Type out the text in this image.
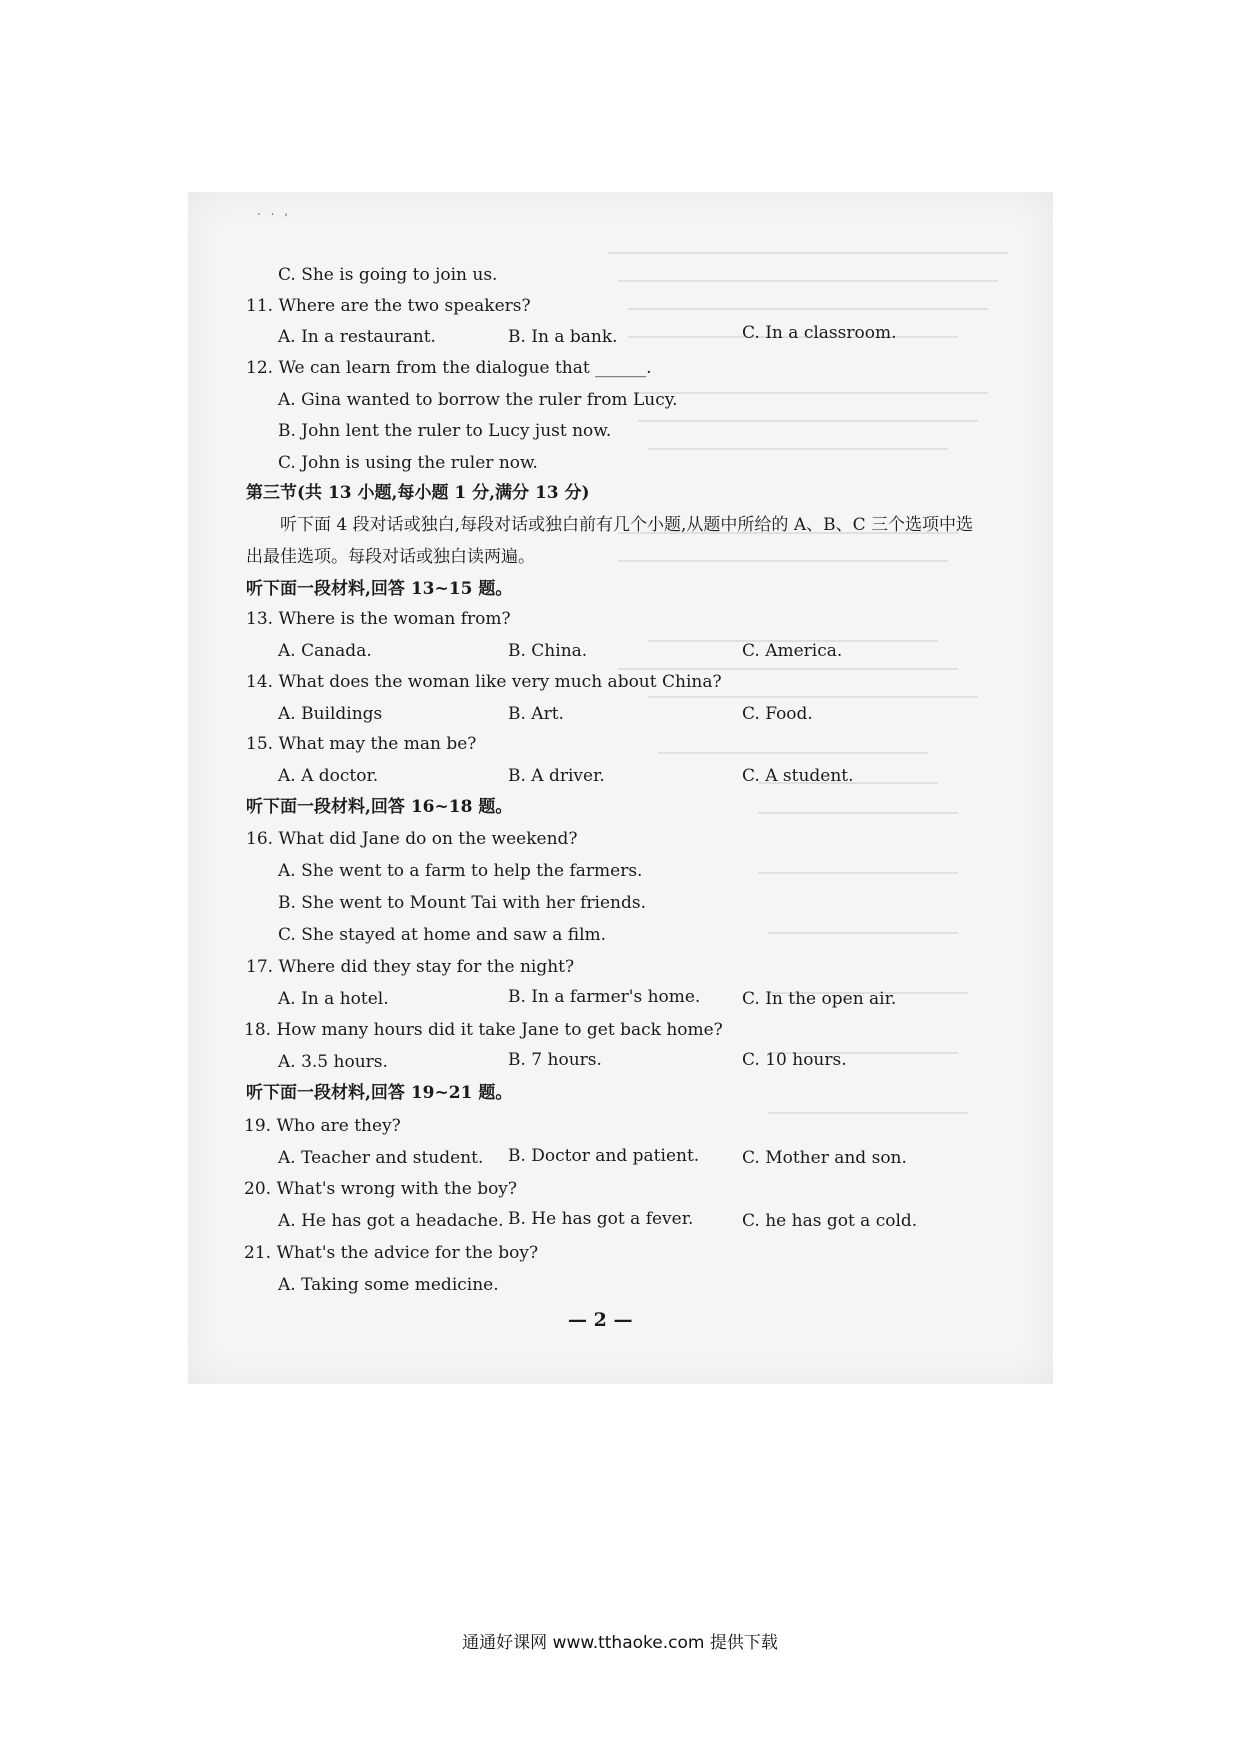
. . ,
C. She is going to join us.
11. Where are the two speakers?
A. In a restaurant.	B. In a bank.	C. In a classroom.
12. We can learn from the dialogue that ______.
A. Gina wanted to borrow the ruler from Lucy.
B. John lent the ruler to Lucy just now.
C. John is using the ruler now.
第三节(共 13 小题,每小题 1 分,满分 13 分)
听下面 4 段对话或独白,每段对话或独白前有几个小题,从题中所给的 A、B、C 三个选项中选
出最佳选项。每段对话或独白读两遍。
听下面一段材料,回答 13~15 题。
13. Where is the woman from?
A. Canada.	B. China.	C. America.
14. What does the woman like very much about China?
A. Buildings	B. Art.	C. Food.
15. What may the man be?
A. A doctor.	B. A driver.	C. A student.
听下面一段材料,回答 16~18 题。
16. What did Jane do on the weekend?
A. She went to a farm to help the farmers.
B. She went to Mount Tai with her friends.
C. She stayed at home and saw a film.
17. Where did they stay for the night?
A. In a hotel.	B. In a farmer's home. C. In the open air.
18. How many hours did it take Jane to get back home?
A. 3.5 hours.	B. 7 hours.	C. 10 hours.
听下面一段材料,回答 19~21 题。
19. Who are they?
A. Teacher and student. B. Doctor and patient.	C. Mother and son.
20. What's wrong with the boy?
A. He has got a headache. B. He has got a fever.	C. he has got a cold.
21. What's the advice for the boy?
A. Taking some medicine.
— 2 —
通通好课网 www.tthaoke.com 提供下载
